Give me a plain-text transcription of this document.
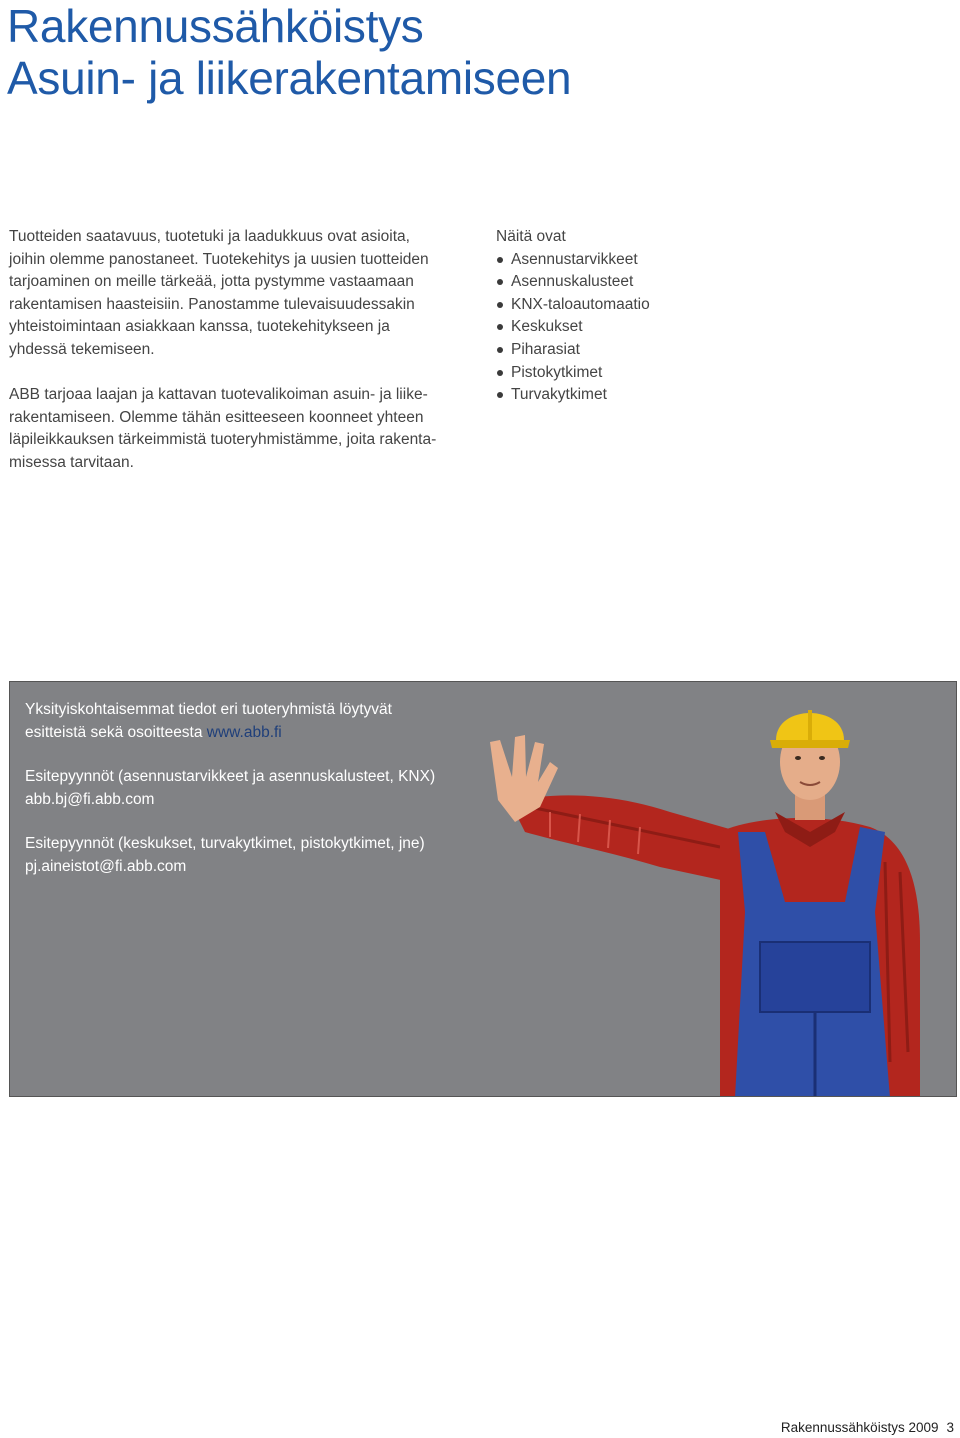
Rakennussähköistys
Asuin- ja liikerakentamiseen

Tuotteiden saatavuus, tuotetuki ja laadukkuus ovat asioita,
joihin olemme panostaneet. Tuotekehitys ja uusien tuotteiden
tarjoaminen on meille tärkeää, jotta pystymme vastaamaan
rakentamisen haasteisiin. Panostamme tulevaisuudessakin
yhteistoimintaan asiakkaan kanssa, tuotekehitykseen ja
yhdessä tekemiseen.

ABB tarjoaa laajan ja kattavan tuotevalikoiman asuin- ja liike-
rakentamiseen. Olemme tähän esitteeseen koonneet yhteen
läpileikkauksen tärkeimmistä tuoteryhmistämme, joita rakenta-
misessa tarvitaan.

Näitä ovat

Asennustarvikkeet
Asennuskalusteet
KNX-taloautomaatio
Keskukset
Piharasiat
Pistokytkimet
Turvakytkimet

Yksityiskohtaisemmat tiedot eri tuoteryhmistä löytyvät
esitteistä sekä osoitteesta www.abb.fi

Esitepyynnöt (asennustarvikkeet ja asennuskalusteet, KNX)
abb.bj@fi.abb.com

Esitepyynnöt (keskukset, turvakytkimet, pistokytkimet, jne)
pj.aineistot@fi.abb.com

Rakennussähköistys 2009 3
